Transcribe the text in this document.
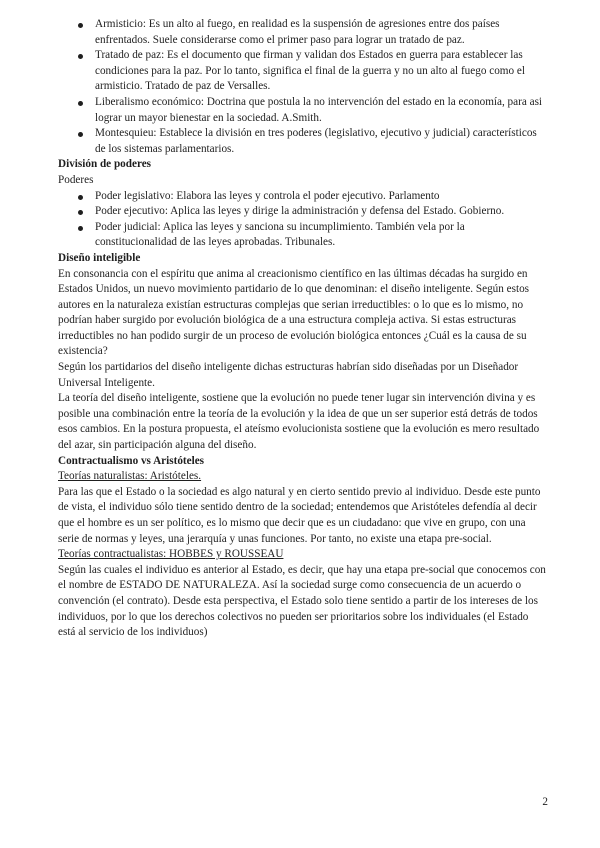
Armisticio: Es un alto al fuego, en realidad es la suspensión de agresiones entre dos países enfrentados. Suele considerarse como el primer paso para lograr un tratado de paz.
Tratado de paz: Es el documento que firman y validan dos Estados en guerra para establecer las condiciones para la paz. Por lo tanto, significa el final de la guerra y no un alto al fuego como el armisticio. Tratado de paz de Versalles.
Liberalismo económico: Doctrina que postula la no intervención del estado en la economía, para asi lograr un mayor bienestar en la sociedad. A.Smith.
Montesquieu: Establece la división en tres poderes (legislativo, ejecutivo y judicial) característicos de los sistemas parlamentarios.
División de poderes
Poderes
Poder legislativo: Elabora las leyes y controla el poder ejecutivo. Parlamento
Poder ejecutivo: Aplica las leyes y dirige la administración y defensa del Estado. Gobierno.
Poder judicial: Aplica las leyes y sanciona su incumplimiento. También vela por la constitucionalidad de las leyes aprobadas. Tribunales.
Diseño inteligible

En consonancia con el espíritu que anima al creacionismo científico en las últimas décadas ha surgido en Estados Unidos, un nuevo movimiento partidario de lo que denominan: el diseño inteligente. Según estos autores en la naturaleza existían estructuras complejas que serian irreductibles: o lo que es lo mismo, no podrían haber surgido por evolución biológica de a una estructura compleja activa. Si estas estructuras irreductibles no han podido surgir de un proceso de evolución biológica entonces ¿Cuál es la causa de su existencia?

Según los partidarios del diseño inteligente dichas estructuras habrían sido diseñadas por un Diseñador Universal Inteligente.

La teoría del diseño inteligente, sostiene que la evolución no puede tener lugar sin intervención divina y es posible una combinación entre la teoría de la evolución y la idea de que un ser superior está detrás de todos esos cambios. En la postura propuesta, el ateísmo evolucionista sostiene que la evolución es mero resultado del azar, sin participación alguna del diseño.

Contractualismo vs Aristóteles
Teorías naturalistas: Aristóteles.

Para las que el Estado o la sociedad es algo natural y en cierto sentido previo al individuo. Desde este punto de vista, el individuo sólo tiene sentido dentro de la sociedad; entendemos que Aristóteles defendía al decir que el hombre es un ser político, es lo mismo que decir que es un ciudadano: que vive en grupo, con una serie de normas y leyes, una jerarquía y unas funciones. Por tanto, no existe una etapa pre-social.

Teorías contractualistas: HOBBES y ROUSSEAU

Según las cuales el individuo es anterior al Estado, es decir, que hay una etapa pre-social que conocemos con el nombre de ESTADO DE NATURALEZA. Así la sociedad surge como consecuencia de un acuerdo o convención (el contrato). Desde esta perspectiva, el Estado solo tiene sentido a partir de los intereses de los individuos, por lo que los derechos colectivos no pueden ser prioritarios sobre los individuales (el Estado está al servicio de los individuos)

2
